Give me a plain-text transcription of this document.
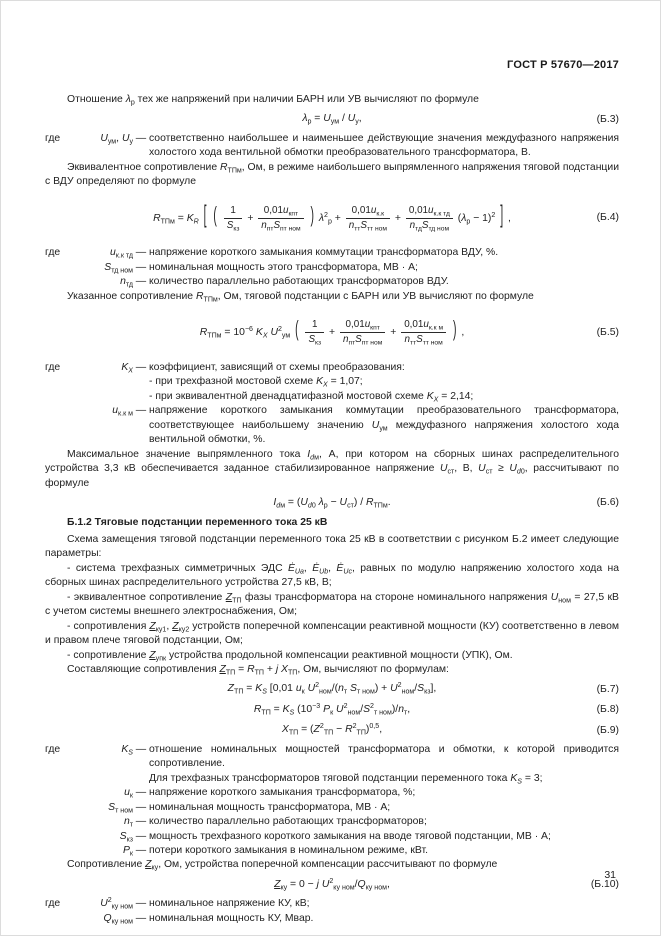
ГОСТ Р 57670—2017

Отношение $\lambda_р$ тех же напряжений при наличии БАРН или УВ вычисляют по формуле

$\lambda_р = U_{ум} / U_у$,	(Б.3)
где	$U_{ум}$, $U_у$ — соответственно наибольшее и наименьшее действующие значения междуфазного напряжения холостого хода вентильной обмотки преобразовательного трансформатора, В.

Эквивалентное сопротивление $R_{ТПм}$, Ом, в режиме наибольшего выпрямленного напряжения тяговой подстанции с ВДУ определяют по формуле

$R_{ТПм} = K_R$ [ ( $\frac{1}{S_{кз}} + \frac{0,01u_{кпт}}{n_{пт}S_{пт ном}}$ ) $\lambda^2_р + \frac{0,01u_{к.к}}{n_{тт}S_{тт ном}} + \frac{0,01u_{к.к тд}}{n_{тд}S_{тд ном}} (\lambda_р - 1)^2$ ] ,	(Б.4)
где	$u_{к.к тд}$ — напряжение короткого замыкания коммутации трансформатора ВДУ, %.
$S_{тд ном}$ — номинальная мощность этого трансформатора, МВ · А;
$n_{тд}$ — количество параллельно работающих трансформаторов ВДУ.

Указанное сопротивление $R_{ТПм}$, Ом, тяговой подстанции с БАРН или УВ вычисляют по формуле

$R_{ТПм} = 10^{-6}$ $K_X$ $U^2_{ум}$ ( $\frac{1}{S_{кз}} + \frac{0,01u_{кпт}}{n_{пт}S_{пт ном}} + \frac{0,01u_{к.к м}}{n_{тт}S_{тт ном}}$ ) ,	(Б.5)
где	$K_X$ — коэффициент, зависящий от схемы преобразования:
- при трехфазной мостовой схеме $K_X = 1,07$;
- при эквивалентной двенадцатифазной мостовой схеме $K_X = 2,14$;
$u_{к.к м}$ — напряжение короткого замыкания коммутации преобразовательного трансформатора, соответствующее наибольшему значению $U_{ум}$ междуфазного напряжения холостого хода вентильной обмотки, %.

Максимальное значение выпрямленного тока $I_{dм}$, А, при котором на сборных шинах распределительного устройства 3,3 кВ обеспечивается заданное стабилизированное напряжение $U_{ст}$, В, $U_{ст} \ge U_{d0}$, рассчитывают по формуле

$I_{dм} = (U_{d0}$ $\lambda_р - U_{ст}) / R_{ТПм}$.	(Б.6)

Б.1.2 Тяговые подстанции переменного тока 25 кВ

Схема замещения тяговой подстанции переменного тока 25 кВ в соответствии с рисунком Б.2 имеет следующие параметры:

- система трехфазных симметричных ЭДС $Ė_{Ua}$, $Ė_{Ub}$, $Ė_{Uc}$, равных по модулю напряжению холостого хода на сборных шинах распределительного устройства 27,5 кВ, В;

- эквивалентное сопротивление $Z_{ТП}$ фазы трансформатора на стороне номинального напряжения $U_{ном} = 27,5$ кВ с учетом системы внешнего электроснабжения, Ом;

- сопротивления $Z_{ку1}$, $Z_{ку2}$ устройств поперечной компенсации реактивной мощности (КУ) соответственно в левом и правом плече тяговой подстанции, Ом;

- сопротивление $Z_{упк}$ устройства продольной компенсации реактивной мощности (УПК), Ом.

Составляющие сопротивления $Z_{ТП} = R_{ТП} + j$ $X_{ТП}$, Ом, вычисляют по формулам:

$Z_{ТП} = K_S$ [0,01 $u_к$ $U^2_{ном}/(n_т$ $S_{т ном}) + U^2_{ном}/S_{кз}$],	(Б.7)
$R_{ТП} = K_S$ ($10^{-3}$ $P_к$ $U^2_{ном}/S^2_{т ном})/n_т$,	(Б.8)
$X_{ТП} = (Z^2_{ТП} - R^2_{ТП})^{0,5}$,	(Б.9)
где	$K_S$ — отношение номинальных мощностей трансформатора и обмотки, к которой приводится сопротивление.
Для трехфазных трансформаторов тяговой подстанции переменного тока $K_S = 3$;
$u_к$ — напряжение короткого замыкания трансформатора, %;
$S_{т ном}$ — номинальная мощность трансформатора, МВ · А;
$n_т$ — количество параллельно работающих трансформаторов;
$S_{кз}$ — мощность трехфазного короткого замыкания на вводе тяговой подстанции, МВ · А;
$P_к$ — потери короткого замыкания в номинальном режиме, кВт.

Сопротивление $Z_{ку}$, Ом, устройства поперечной компенсации рассчитывают по формуле

$Z_{ку} = 0 - j$ $U^2_{ку ном}/Q_{ку ном}$,	(Б.10)
где	$U^2_{ку ном}$ — номинальное напряжение КУ, кВ;
$Q_{ку ном}$ — номинальная мощность КУ, Мвар.
31
